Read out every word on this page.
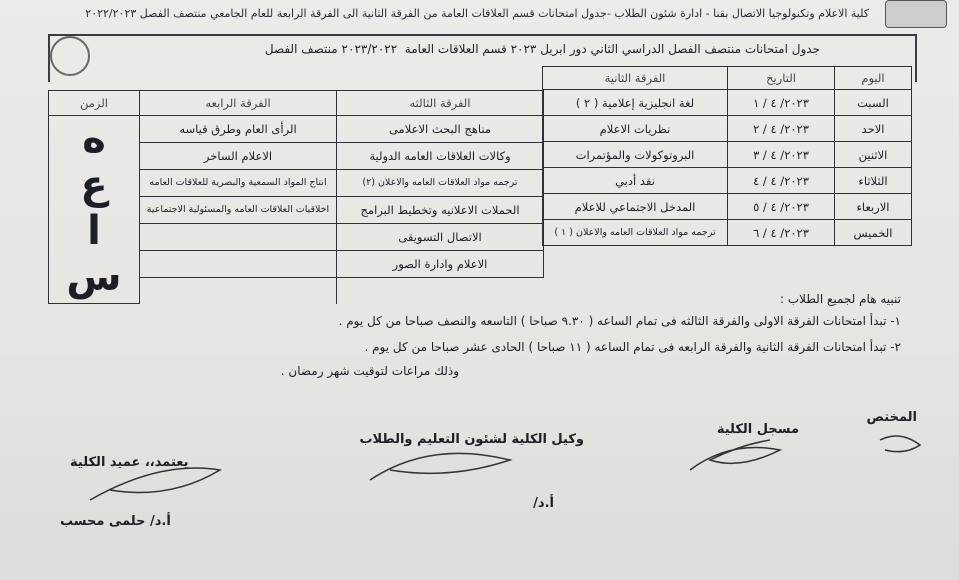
كلية الاعلام وتكنولوجيا الاتصال بقنا - ادارة شئون الطلاب -جدول امتحانات قسم العلاقات العامة من الفرقة الثانية الى الفرقة الرابعة للعام الجامعي منتصف الفصل ٢٠٢٢/٢٠٢٣
جدول امتحانات منتصف الفصل الدراسي الثاني دور ابريل ٢٠٢٣ قسم العلاقات العامة  ٢٠٢٣/٢٠٢٢ منتصف الفصل
اليوم	التاريخ	الفرقة الثانية
السبت	٢٠٢٣/ ٤ / ١	لغة انجليزية إعلامية ( ٢ )
الاحد	٢٠٢٣/ ٤ / ٢	نظريات الاعلام
الاثنين	٢٠٢٣/ ٤ / ٣	البروتوكولات والمؤتمرات
الثلاثاء	٢٠٢٣/ ٤ / ٤	نقد أدبي
الاربعاء	٢٠٢٣/ ٤ / ٥	المدخل الاجتماعي للاعلام
الخميس	٢٠٢٣/ ٤ / ٦	ترجمه مواد العلاقات العامه والاعلان ( ١ )
الفرقة الثالثه	الفرقة الرابعه	الزمن
مناهج البحث الاعلامى	الرأى العام وطرق قياسه	ساعه
وكالات العلاقات العامه الدولية	الاعلام الساخر	
ترجمه مواد العلاقات العامه والاعلان (٢)	انتاج المواد السمعية والبصرية للعلاقات العامه	
الحملات الاعلانيه وتخطيط البرامج	اخلاقيات العلاقات العامه والمسئولية الاجتماعية	
الاتصال التسويقى		
الاعلام وادارة الصور		

تنبيه هام لجميع الطلاب :
١- تبدأ امتحانات الفرقة الاولى والفرقة الثالثه فى تمام الساعه ( ٩.٣٠ صباحا ) التاسعه والنصف صباحا من كل يوم .
٢- تبدأ امتحانات الفرقة الثانية والفرقة الرابعه فى تمام الساعه ( ١١ صباحا ) الحادى عشر صباحا من كل يوم .
وذلك مراعات لتوقيت شهر رمضان .
المختص
مسجل الكلية
وكيل الكلية لشئون التعليم والطلاب
أ.د/
يعتمد،، عميد الكلية
أ.د/ حلمى محسب
